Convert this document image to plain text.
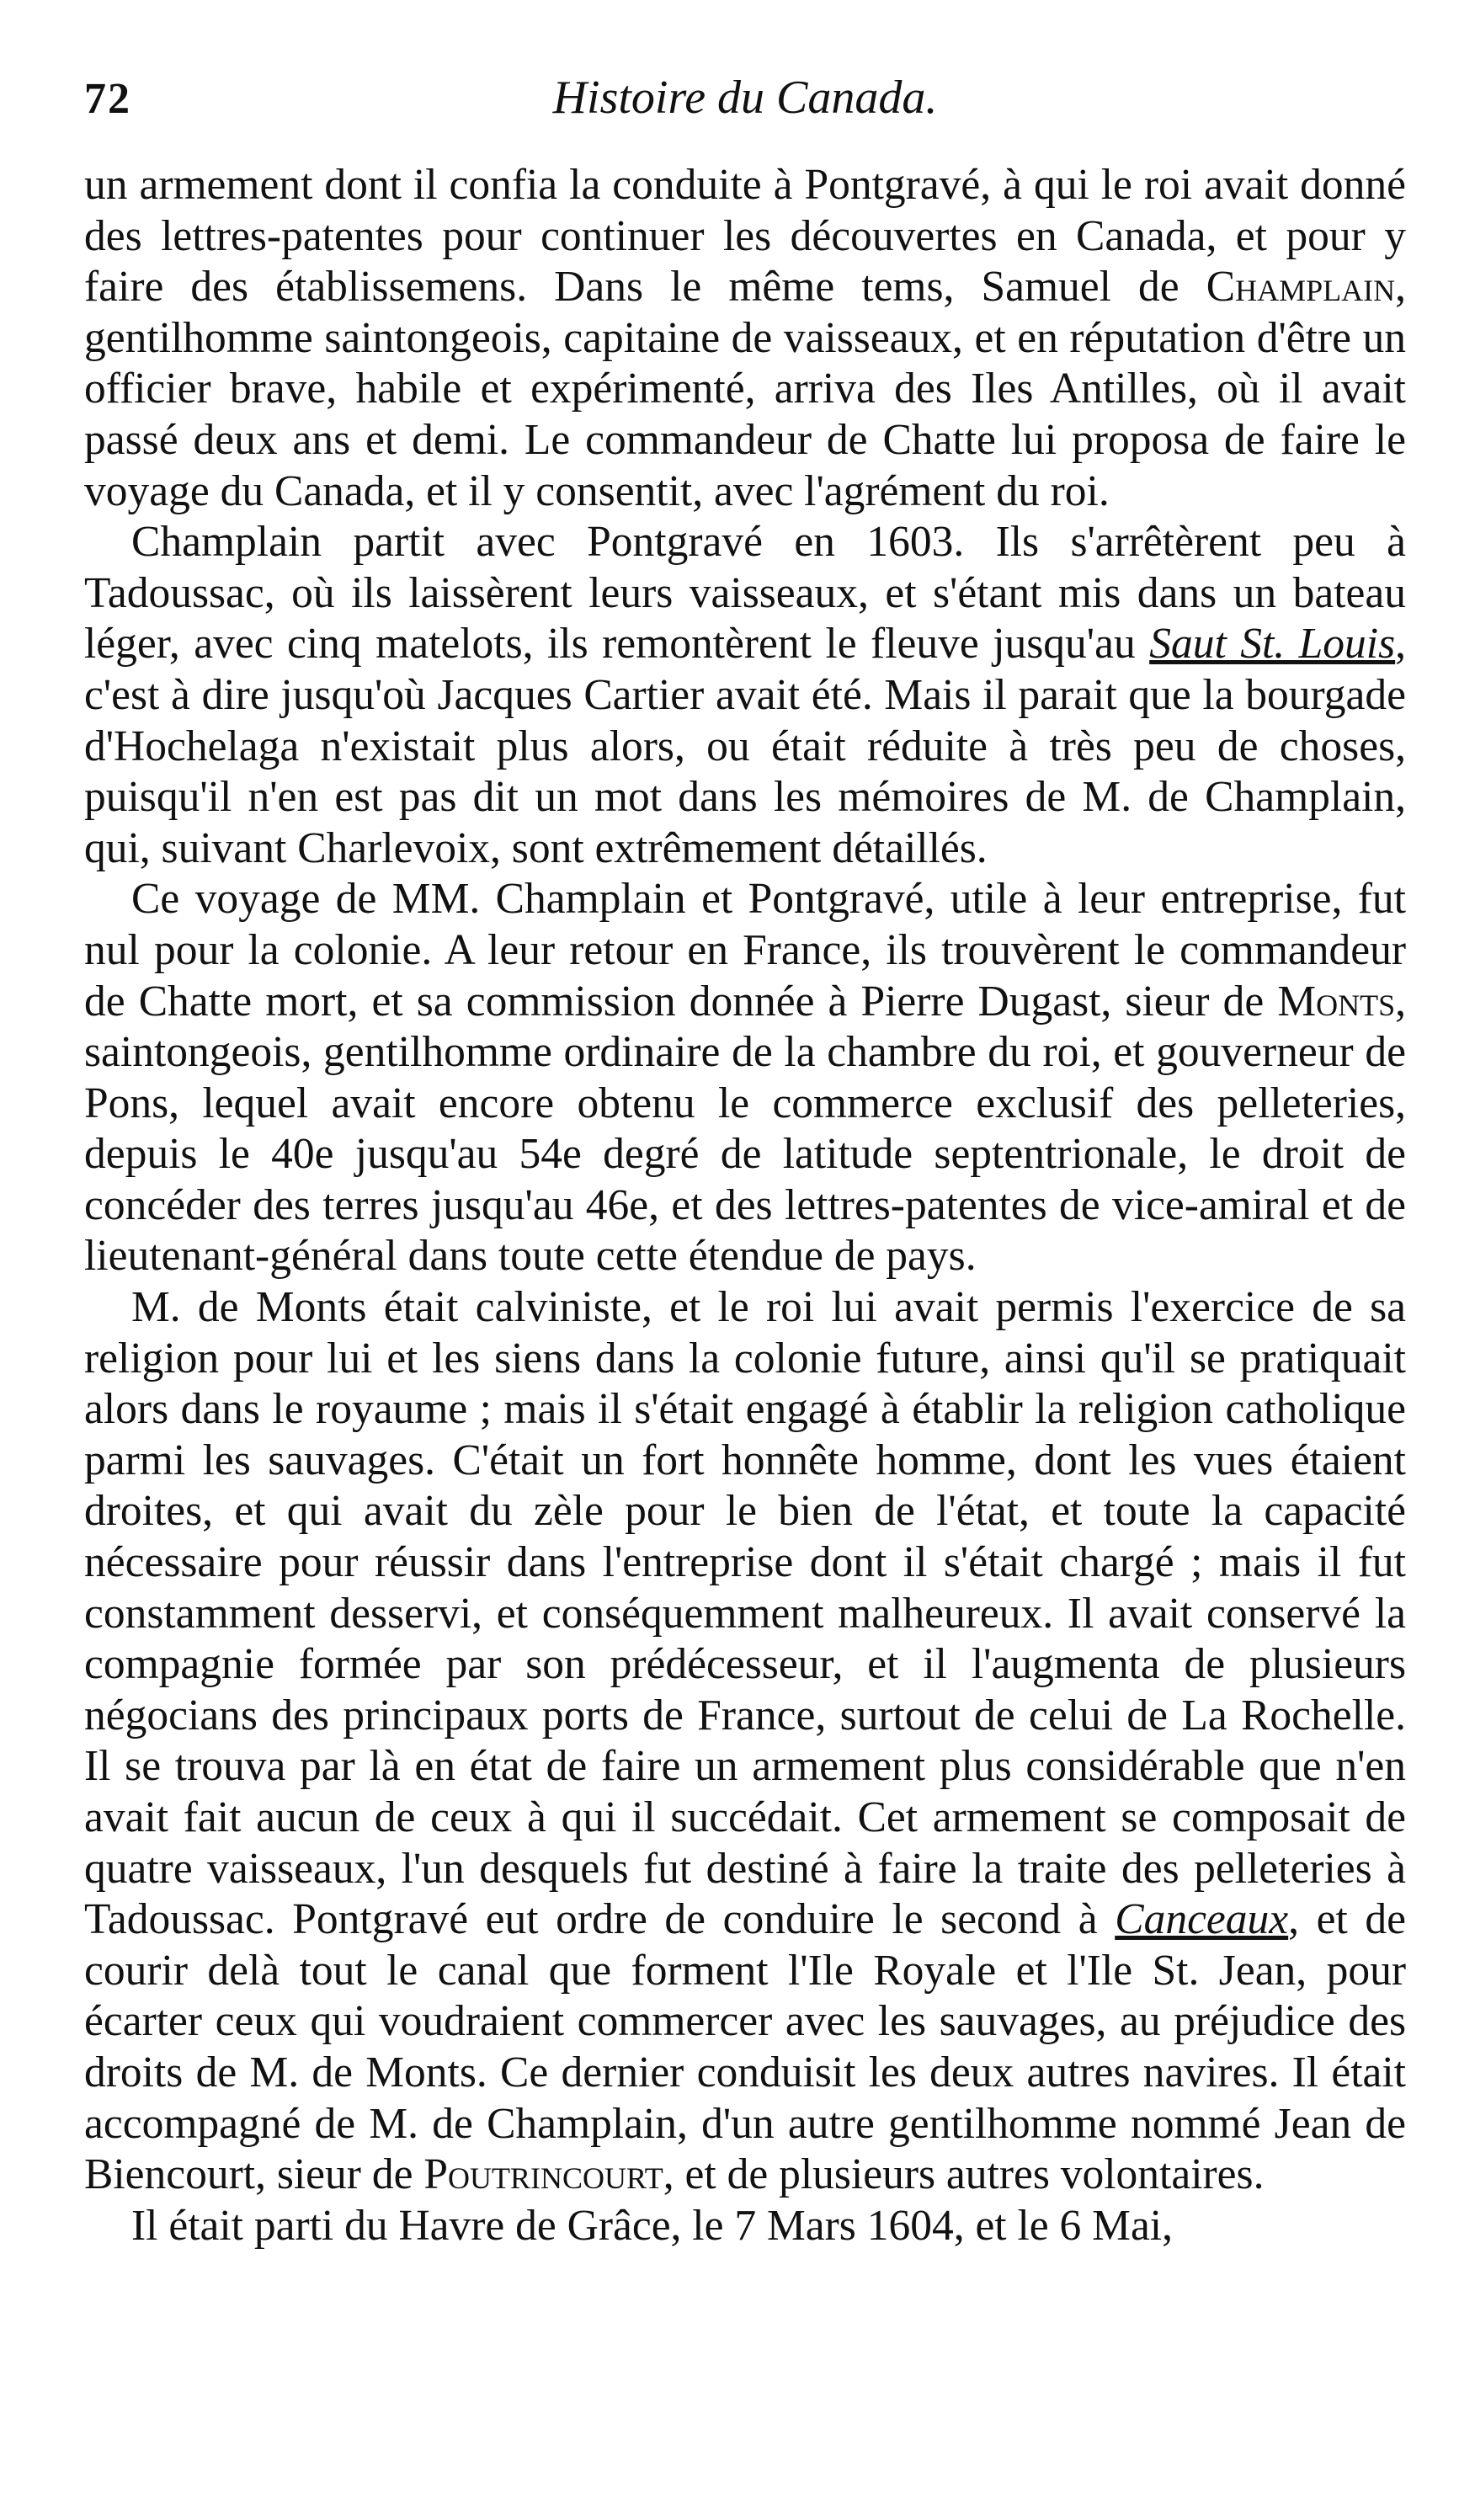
72	Histoire du Canada.

un armement dont il confia la conduite à Pontgravé, à qui le roi avait donné des lettres-patentes pour continuer les découvertes en Canada, et pour y faire des établissemens. Dans le même tems, Samuel de Champlain, gentilhomme saintongeois, capitaine de vaisseaux, et en réputation d'être un officier brave, habile et expérimenté, arriva des Iles Antilles, où il avait passé deux ans et demi. Le commandeur de Chatte lui proposa de faire le voyage du Canada, et il y consentit, avec l'agrément du roi.

Champlain partit avec Pontgravé en 1603. Ils s'arrêtèrent peu à Tadoussac, où ils laissèrent leurs vaisseaux, et s'étant mis dans un bateau léger, avec cinq matelots, ils remontèrent le fleuve jusqu'au Saut St. Louis, c'est à dire jusqu'où Jacques Cartier avait été. Mais il parait que la bourgade d'Hochelaga n'existait plus alors, ou était réduite à très peu de choses, puisqu'il n'en est pas dit un mot dans les mémoires de M. de Champlain, qui, suivant Charlevoix, sont extrêmement détaillés.

Ce voyage de MM. Champlain et Pontgravé, utile à leur entreprise, fut nul pour la colonie. A leur retour en France, ils trouvèrent le commandeur de Chatte mort, et sa commission donnée à Pierre Dugast, sieur de Monts, saintongeois, gentilhomme ordinaire de la chambre du roi, et gouverneur de Pons, lequel avait encore obtenu le commerce exclusif des pelleteries, depuis le 40e jusqu'au 54e degré de latitude septentrionale, le droit de concéder des terres jusqu'au 46e, et des lettres-patentes de vice-amiral et de lieutenant-général dans toute cette étendue de pays.

M. de Monts était calviniste, et le roi lui avait permis l'exercice de sa religion pour lui et les siens dans la colonie future, ainsi qu'il se pratiquait alors dans le royaume ; mais il s'était engagé à établir la religion catholique parmi les sauvages. C'était un fort honnête homme, dont les vues étaient droites, et qui avait du zèle pour le bien de l'état, et toute la capacité nécessaire pour réussir dans l'entreprise dont il s'était chargé ; mais il fut constamment desservi, et conséquemment malheureux. Il avait conservé la compagnie formée par son prédécesseur, et il l'augmenta de plusieurs négocians des principaux ports de France, surtout de celui de La Rochelle. Il se trouva par là en état de faire un armement plus considérable que n'en avait fait aucun de ceux à qui il succédait. Cet armement se composait de quatre vaisseaux, l'un desquels fut destiné à faire la traite des pelleteries à Tadoussac. Pontgravé eut ordre de conduire le second à Canceaux, et de courir delà tout le canal que forment l'Ile Royale et l'Ile St. Jean, pour écarter ceux qui voudraient commercer avec les sauvages, au préjudice des droits de M. de Monts. Ce dernier conduisit les deux autres navires. Il était accompagné de M. de Champlain, d'un autre gentilhomme nommé Jean de Biencourt, sieur de Poutrincourt, et de plusieurs autres volontaires.

Il était parti du Havre de Grâce, le 7 Mars 1604, et le 6 Mai,
